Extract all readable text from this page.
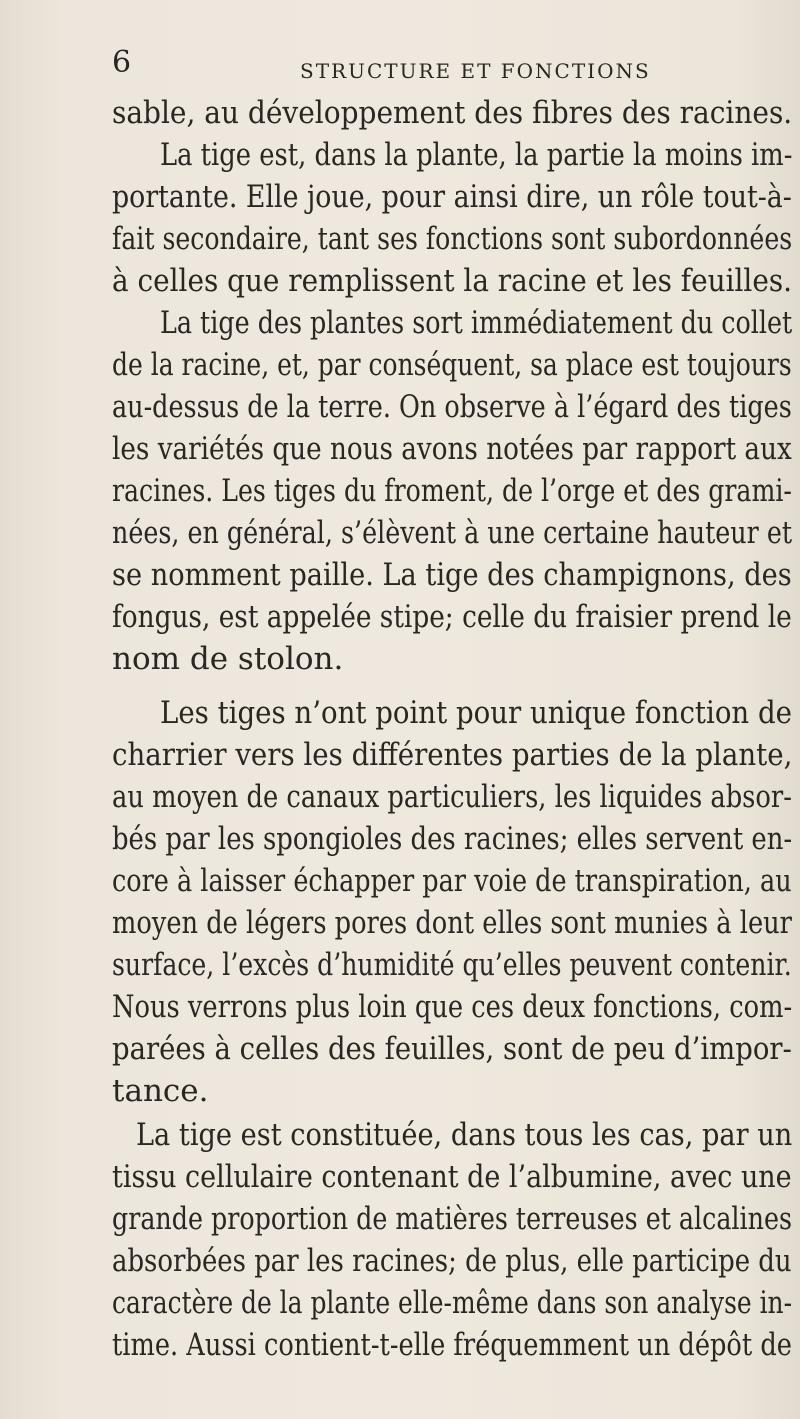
6	STRUCTURE ET FONCTIONS
sable, au développement des fibres des racines.
La tige est, dans la plante, la partie la moins im-
portante. Elle joue, pour ainsi dire, un rôle tout-à-
fait secondaire, tant ses fonctions sont subordonnées
à celles que remplissent la racine et les feuilles.
La tige des plantes sort immédiatement du collet
de la racine, et, par conséquent, sa place est toujours
au-dessus de la terre. On observe à l’égard des tiges
les variétés que nous avons notées par rapport aux
racines. Les tiges du froment, de l’orge et des grami-
nées, en général, s’élèvent à une certaine hauteur et
se nomment paille. La tige des champignons, des
fongus, est appelée stipe; celle du fraisier prend le
nom de stolon.
Les tiges n’ont point pour unique fonction de
charrier vers les différentes parties de la plante,
au moyen de canaux particuliers, les liquides absor-
bés par les spongioles des racines; elles servent en-
core à laisser échapper par voie de transpiration, au
moyen de légers pores dont elles sont munies à leur
surface, l’excès d’humidité qu’elles peuvent contenir.
Nous verrons plus loin que ces deux fonctions, com-
parées à celles des feuilles, sont de peu d’impor-
tance.
La tige est constituée, dans tous les cas, par un
tissu cellulaire contenant de l’albumine, avec une
grande proportion de matières terreuses et alcalines
absorbées par les racines; de plus, elle participe du
caractère de la plante elle-même dans son analyse in-
time. Aussi contient-t-elle fréquemment un dépôt de
